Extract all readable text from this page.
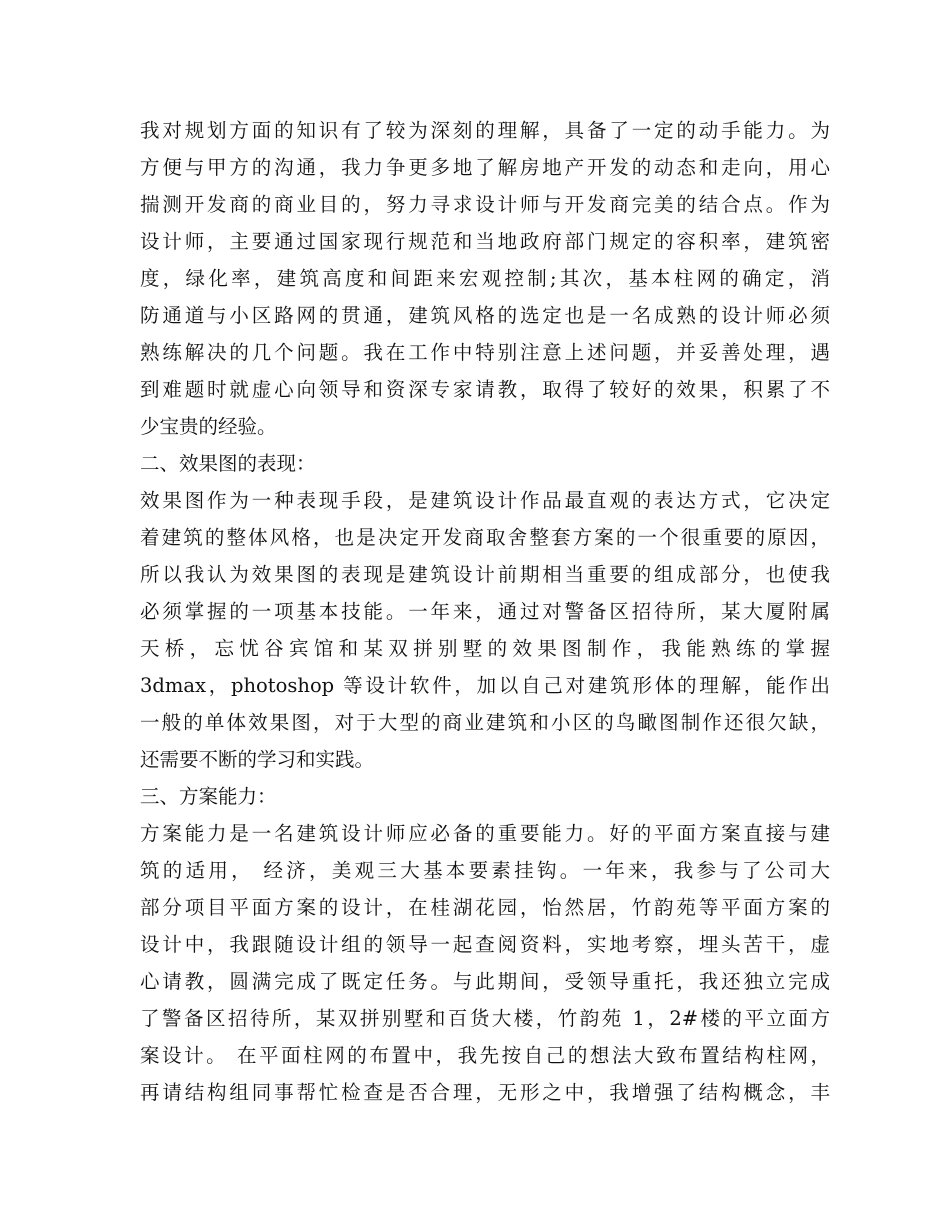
我对规划方面的知识有了较为深刻的理解，具备了一定的动手能力。为
方便与甲方的沟通，我力争更多地了解房地产开发的动态和走向，用心
揣测开发商的商业目的，努力寻求设计师与开发商完美的结合点。作为
设计师，主要通过国家现行规范和当地政府部门规定的容积率，建筑密
度，绿化率，建筑高度和间距来宏观控制;其次，基本柱网的确定，消
防通道与小区路网的贯通，建筑风格的选定也是一名成熟的设计师必须
熟练解决的几个问题。我在工作中特别注意上述问题，并妥善处理，遇
到难题时就虚心向领导和资深专家请教，取得了较好的效果，积累了不
少宝贵的经验。
二、效果图的表现：
效果图作为一种表现手段，是建筑设计作品最直观的表达方式，它决定
着建筑的整体风格，也是决定开发商取舍整套方案的一个很重要的原因，
所以我认为效果图的表现是建筑设计前期相当重要的组成部分，也使我
必须掌握的一项基本技能。一年来，通过对警备区招待所，某大厦附属
天桥，忘忧谷宾馆和某双拼别墅的效果图制作，我能熟练的掌握
3dmax，photoshop 等设计软件，加以自己对建筑形体的理解，能作出
一般的单体效果图，对于大型的商业建筑和小区的鸟瞰图制作还很欠缺，
还需要不断的学习和实践。
三、方案能力：
方案能力是一名建筑设计师应必备的重要能力。好的平面方案直接与建
筑的适用， 经济，美观三大基本要素挂钩。一年来，我参与了公司大
部分项目平面方案的设计，在桂湖花园，怡然居，竹韵苑等平面方案的
设计中，我跟随设计组的领导一起查阅资料，实地考察，埋头苦干，虚
心请教，圆满完成了既定任务。与此期间，受领导重托，我还独立完成
了警备区招待所，某双拼别墅和百货大楼，竹韵苑 1，2#楼的平立面方
案设计。 在平面柱网的布置中，我先按自己的想法大致布置结构柱网，
再请结构组同事帮忙检查是否合理，无形之中，我增强了结构概念，丰
